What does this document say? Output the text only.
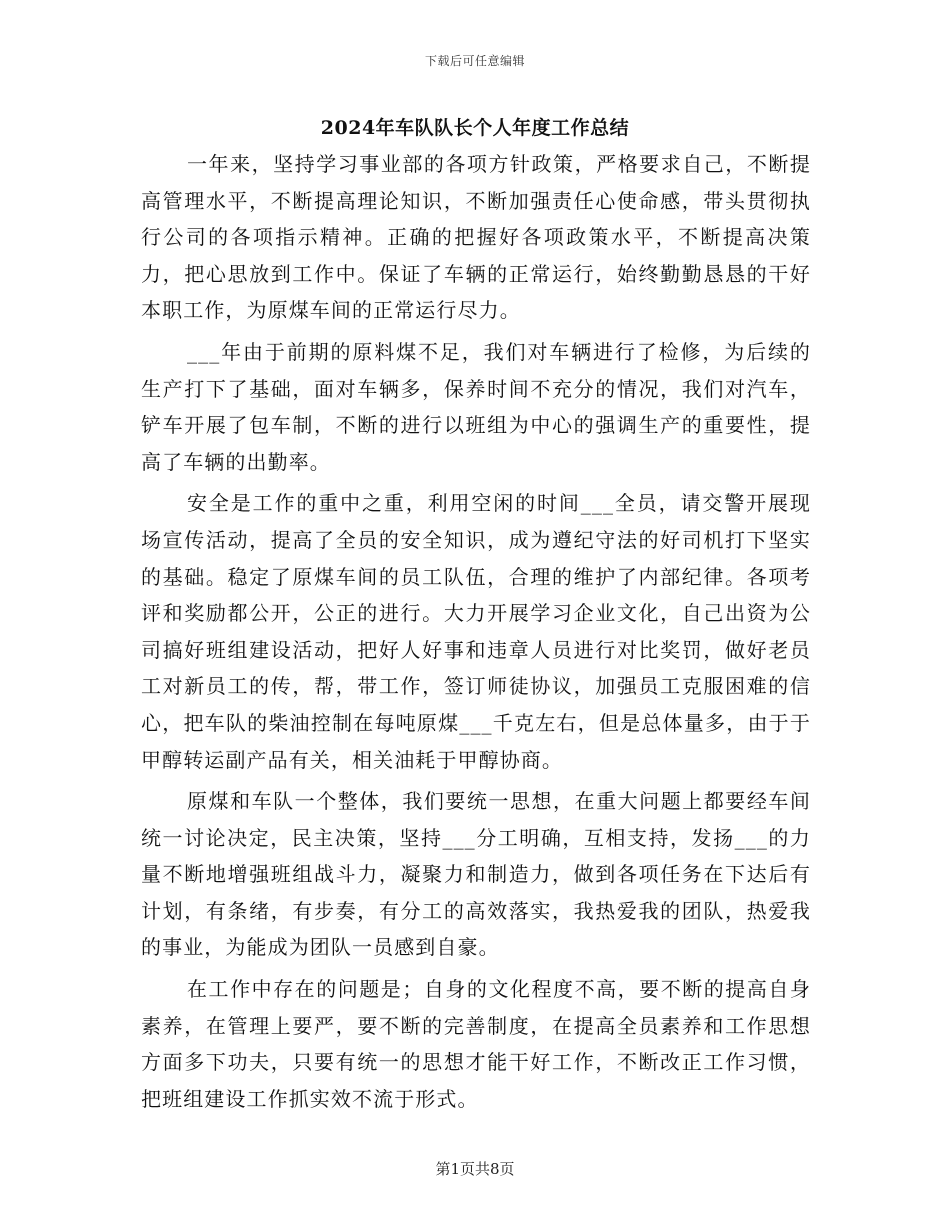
下载后可任意编辑
2024年车队队长个人年度工作总结

一年来，坚持学习事业部的各项方针政策，严格要求自己，不断提高管理水平，不断提高理论知识，不断加强责任心使命感，带头贯彻执行公司的各项指示精神。正确的把握好各项政策水平，不断提高决策力，把心思放到工作中。保证了车辆的正常运行，始终勤勤恳恳的干好本职工作，为原煤车间的正常运行尽力。

___年由于前期的原料煤不足，我们对车辆进行了检修，为后续的生产打下了基础，面对车辆多，保养时间不充分的情况，我们对汽车，铲车开展了包车制，不断的进行以班组为中心的强调生产的重要性，提高了车辆的出勤率。

安全是工作的重中之重，利用空闲的时间___全员，请交警开展现场宣传活动，提高了全员的安全知识，成为遵纪守法的好司机打下坚实的基础。稳定了原煤车间的员工队伍，合理的维护了内部纪律。各项考评和奖励都公开，公正的进行。大力开展学习企业文化，自己出资为公司搞好班组建设活动，把好人好事和违章人员进行对比奖罚，做好老员工对新员工的传，帮，带工作，签订师徒协议，加强员工克服困难的信心，把车队的柴油控制在每吨原煤___千克左右，但是总体量多，由于于甲醇转运副产品有关，相关油耗于甲醇协商。

原煤和车队一个整体，我们要统一思想，在重大问题上都要经车间统一讨论决定，民主决策，坚持___分工明确，互相支持，发扬___的力量不断地增强班组战斗力，凝聚力和制造力，做到各项任务在下达后有计划，有条绪，有步奏，有分工的高效落实，我热爱我的团队，热爱我的事业，为能成为团队一员感到自豪。

在工作中存在的问题是；自身的文化程度不高，要不断的提高自身素养，在管理上要严，要不断的完善制度，在提高全员素养和工作思想方面多下功夫，只要有统一的思想才能干好工作，不断改正工作习惯，把班组建设工作抓实效不流于形式。

第1页共8页
